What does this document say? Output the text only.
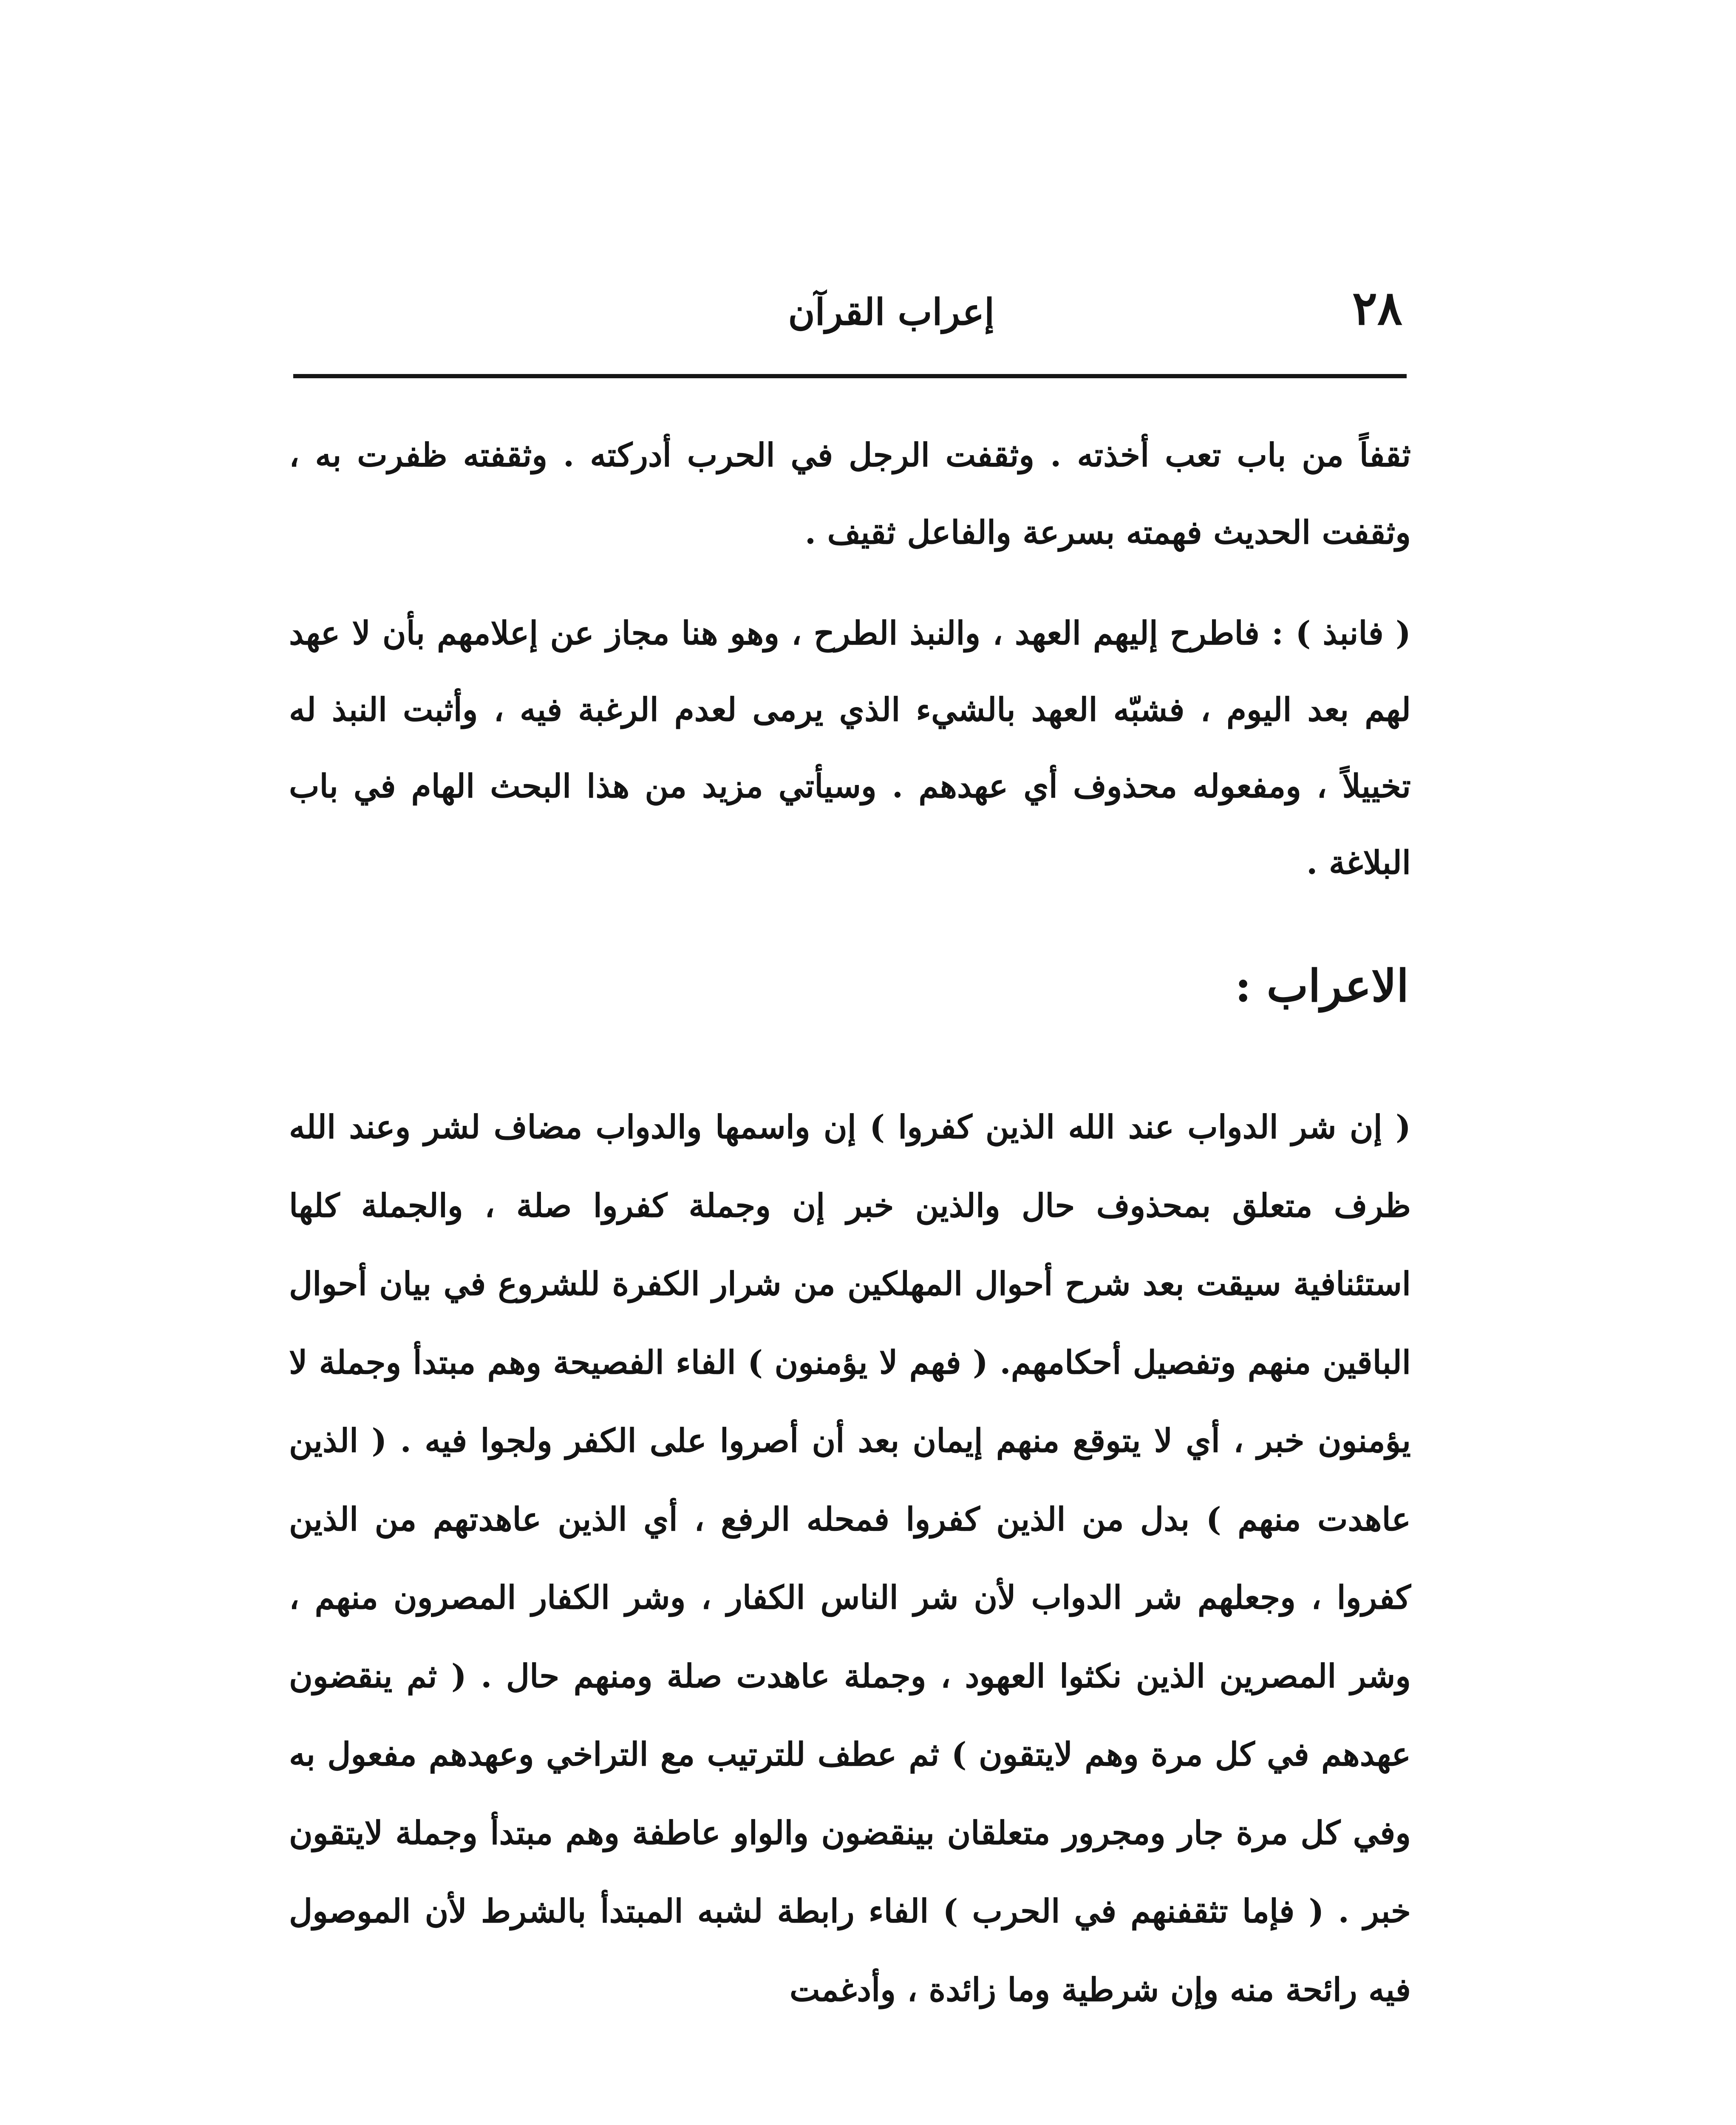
٢٨
إعراب القرآن

ثقفاً من باب تعب أخذته . وثقفت الرجل في الحرب أدركته . وثقفته ظفرت به ، وثقفت الحديث فهمته بسرعة والفاعل ثقيف .

( فانبذ ) : فاطرح إليهم العهد ، والنبذ الطرح ، وهو هنا مجاز عن إعلامهم بأن لا عهد لهم بعد اليوم ، فشبّه العهد بالشيء الذي يرمى لعدم الرغبة فيه ، وأثبت النبذ له تخييلاً ، ومفعوله محذوف أي عهدهم . وسيأتي مزيد من هذا البحث الهام في باب البلاغة .

الاعراب :

( إن شر الدواب عند الله الذين كفروا ) إن واسمها والدواب مضاف لشر وعند الله ظرف متعلق بمحذوف حال والذين خبر إن وجملة كفروا صلة ، والجملة كلها استئنافية سيقت بعد شرح أحوال المهلكين من شرار الكفرة للشروع في بيان أحوال الباقين منهم وتفصيل أحكامهم. ( فهم لا يؤمنون ) الفاء الفصيحة وهم مبتدأ وجملة لا يؤمنون خبر ، أي لا يتوقع منهم إيمان بعد أن أصروا على الكفر ولجوا فيه . ( الذين عاهدت منهم ) بدل من الذين كفروا فمحله الرفع ، أي الذين عاهدتهم من الذين كفروا ، وجعلهم شر الدواب لأن شر الناس الكفار ، وشر الكفار المصرون منهم ، وشر المصرين الذين نكثوا العهود ، وجملة عاهدت صلة ومنهم حال . ( ثم ينقضون عهدهم في كل مرة وهم لايتقون ) ثم عطف للترتيب مع التراخي وعهدهم مفعول به وفي كل مرة جار ومجرور متعلقان بينقضون والواو عاطفة وهم مبتدأ وجملة لايتقون خبر . ( فإما تثقفنهم في الحرب ) الفاء رابطة لشبه المبتدأ بالشرط لأن الموصول فيه رائحة منه وإن شرطية وما زائدة ، وأدغمت
